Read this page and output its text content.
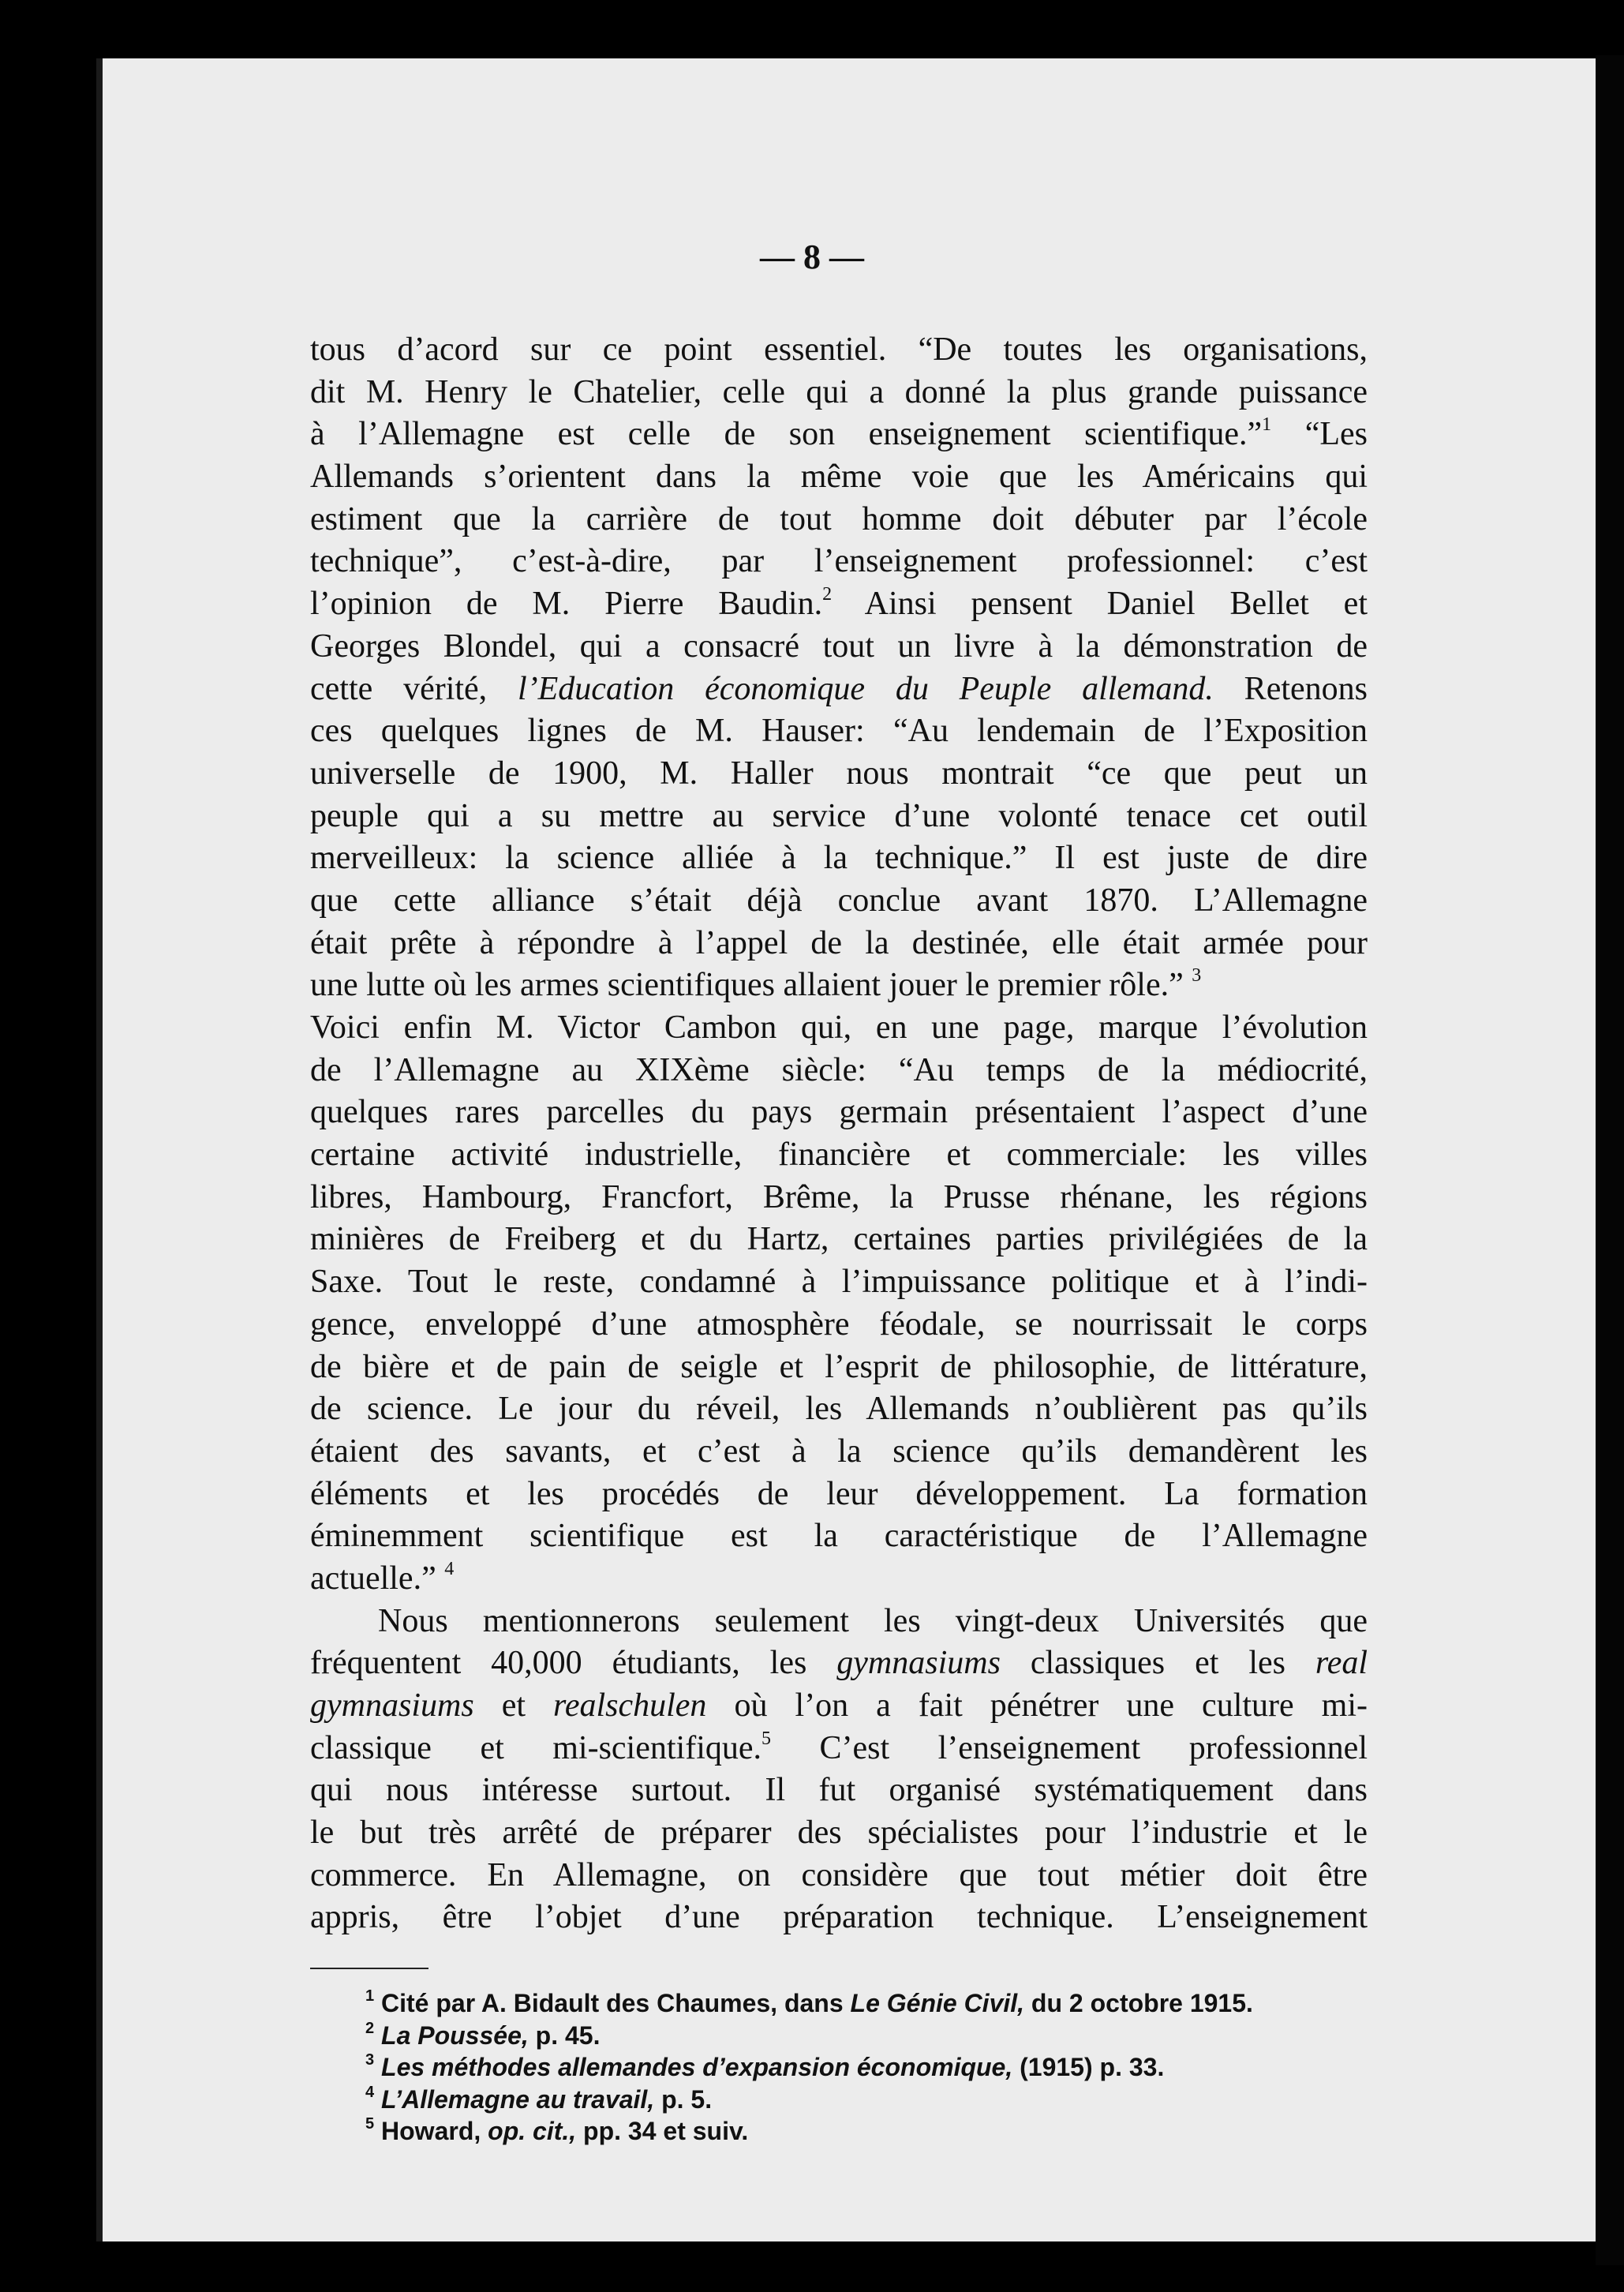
— 8 —
tous d’acord sur ce point essentiel. “De toutes les organisations,
dit M. Henry le Chatelier, celle qui a donné la plus grande puissance
à l’Allemagne est celle de son enseignement scientifique.”$^1$ “Les
Allemands s’orientent dans la même voie que les Américains qui
estiment que la carrière de tout homme doit débuter par l’école
technique”, c’est-à-dire, par l’enseignement professionnel: c’est
l’opinion de M. Pierre Baudin.$^2$ Ainsi pensent Daniel Bellet et
Georges Blondel, qui a consacré tout un livre à la démonstration de
cette vérité, l’Education économique du Peuple allemand. Retenons
ces quelques lignes de M. Hauser: “Au lendemain de l’Exposition
universelle de 1900, M. Haller nous montrait “ce que peut un
peuple qui a su mettre au service d’une volonté tenace cet outil
merveilleux: la science alliée à la technique.” Il est juste de dire
que cette alliance s’était déjà conclue avant 1870. L’Allemagne
était prête à répondre à l’appel de la destinée, elle était armée pour
une lutte où les armes scientifiques allaient jouer le premier rôle.” $^3$
Voici enfin M. Victor Cambon qui, en une page, marque l’évolution
de l’Allemagne au XIXème siècle: “Au temps de la médiocrité,
quelques rares parcelles du pays germain présentaient l’aspect d’une
certaine activité industrielle, financière et commerciale: les villes
libres, Hambourg, Francfort, Brême, la Prusse rhénane, les régions
minières de Freiberg et du Hartz, certaines parties privilégiées de la
Saxe. Tout le reste, condamné à l’impuissance politique et à l’indi-
gence, enveloppé d’une atmosphère féodale, se nourrissait le corps
de bière et de pain de seigle et l’esprit de philosophie, de littérature,
de science. Le jour du réveil, les Allemands n’oublièrent pas qu’ils
étaient des savants, et c’est à la science qu’ils demandèrent les
éléments et les procédés de leur développement. La formation
éminemment scientifique est la caractéristique de l’Allemagne
actuelle.” $^4$
Nous mentionnerons seulement les vingt-deux Universités que
fréquentent 40,000 étudiants, les gymnasiums classiques et les real
gymnasiums et realschulen où l’on a fait pénétrer une culture mi-
classique et mi-scientifique.$^5$ C’est l’enseignement professionnel
qui nous intéresse surtout. Il fut organisé systématiquement dans
le but très arrêté de préparer des spécialistes pour l’industrie et le
commerce. En Allemagne, on considère que tout métier doit être
appris, être l’objet d’une préparation technique. L’enseignement
$^1$ Cité par A. Bidault des Chaumes, dans Le Génie Civil, du 2 octobre 1915.
$^2$ La Poussée, p. 45.
$^3$ Les méthodes allemandes d’expansion économique, (1915) p. 33.
$^4$ L’Allemagne au travail, p. 5.
$^5$ Howard, op. cit., pp. 34 et suiv.
